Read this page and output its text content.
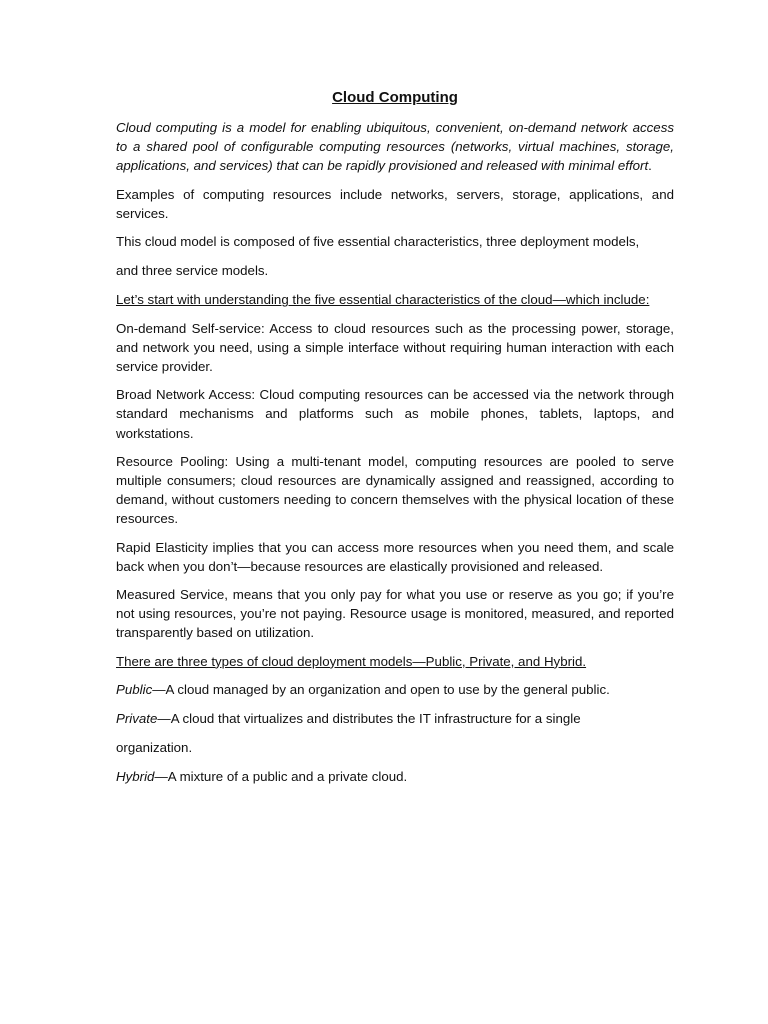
Cloud Computing

Cloud computing is a model for enabling ubiquitous, convenient, on-demand network access to a shared pool of configurable computing resources (networks, virtual machines, storage, applications, and services) that can be rapidly provisioned and released with minimal effort.

Examples of computing resources include networks, servers, storage, applications, and services.

This cloud model is composed of five essential characteristics, three deployment models,

and three service models.

Let’s start with understanding the five essential characteristics of the cloud—which include:

On-demand Self-service: Access to cloud resources such as the processing power, storage, and network you need, using a simple interface without requiring human interaction with each service provider.

Broad Network Access: Cloud computing resources can be accessed via the network through standard mechanisms and platforms such as mobile phones, tablets, laptops, and workstations.

Resource Pooling: Using a multi-tenant model, computing resources are pooled to serve multiple consumers; cloud resources are dynamically assigned and reassigned, according to demand, without customers needing to concern themselves with the physical location of these resources.

Rapid Elasticity implies that you can access more resources when you need them, and scale back when you don’t—because resources are elastically provisioned and released.

Measured Service, means that you only pay for what you use or reserve as you go; if you’re not using resources, you’re not paying. Resource usage is monitored, measured, and reported transparently based on utilization.

There are three types of cloud deployment models—Public, Private, and Hybrid.

Public—A cloud managed by an organization and open to use by the general public.

Private—A cloud that virtualizes and distributes the IT infrastructure for a single

organization.

Hybrid—A mixture of a public and a private cloud.
